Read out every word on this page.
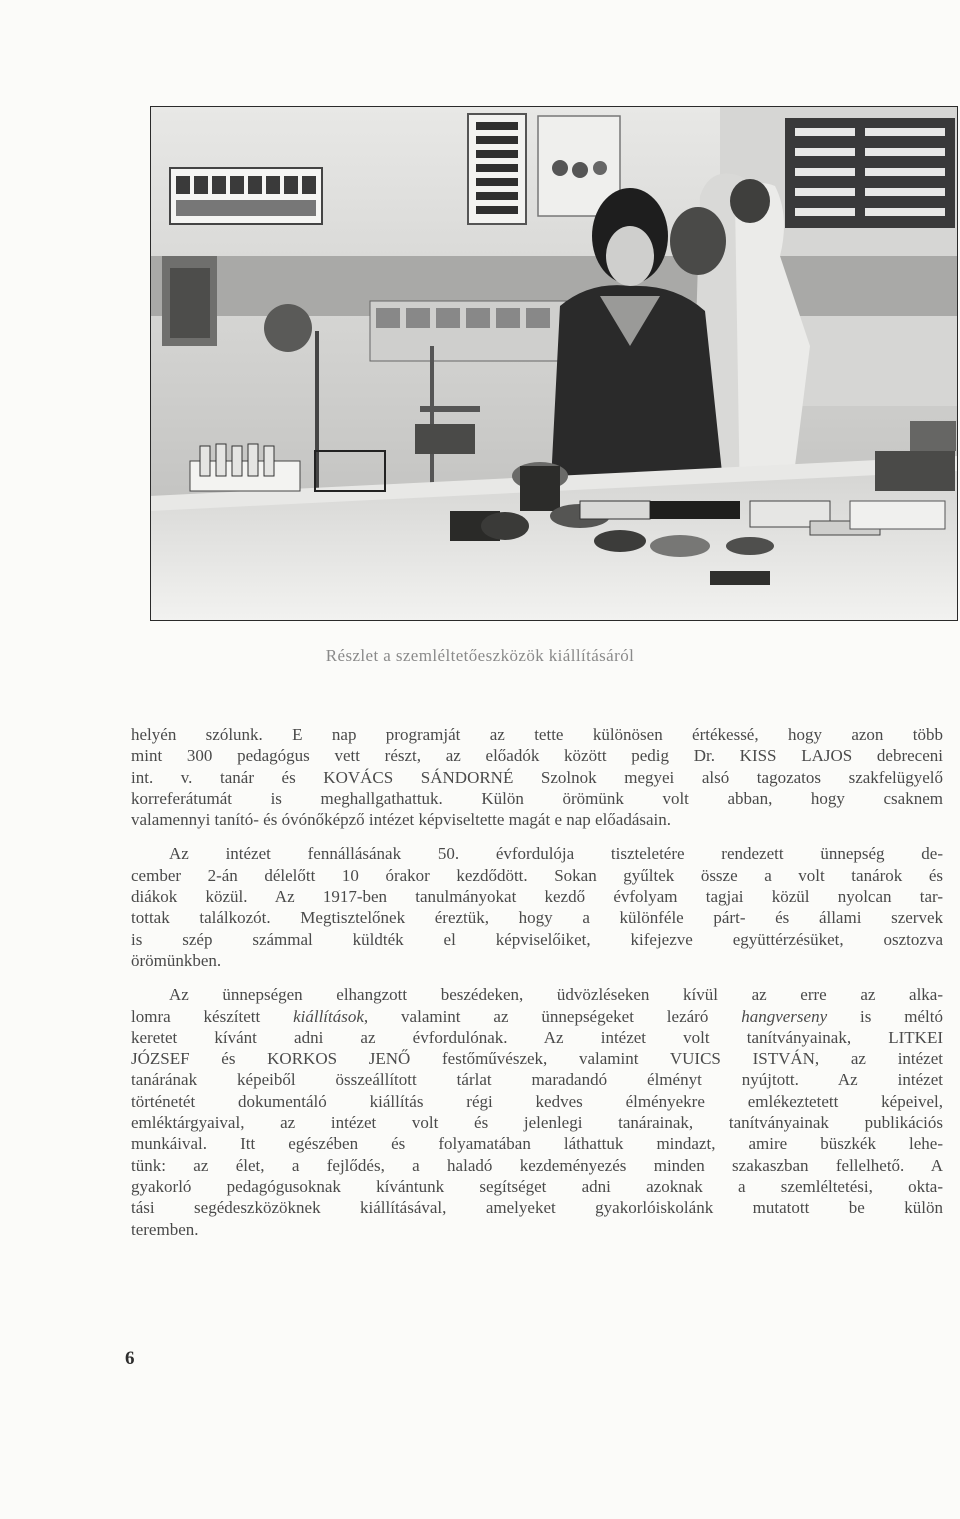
Részlet a szemléltetőeszközök kiállításáról
helyén szólunk. E nap programját az tette különösen értékessé, hogy azon több
mint 300 pedagógus vett részt, az előadók között pedig Dr. KISS LAJOS debreceni
int. v. tanár és KOVÁCS SÁNDORNÉ Szolnok megyei alsó tagozatos szakfelügyelő
korreferátumát is meghallgathattuk. Külön örömünk volt abban, hogy csaknem
valamennyi tanító- és óvónőképző intézet képviseltette magát e nap előadásain.
Az intézet fennállásának 50. évfordulója tiszteletére rendezett ünnepség de-
cember 2-án délelőtt 10 órakor kezdődött. Sokan gyűltek össze a volt tanárok és
diákok közül. Az 1917-ben tanulmányokat kezdő évfolyam tagjai közül nyolcan tar-
tottak találkozót. Megtisztelőnek éreztük, hogy a különféle párt- és állami szervek
is szép számmal küldték el képviselőiket, kifejezve együttérzésüket, osztozva
örömünkben.
Az ünnepségen elhangzott beszédeken, üdvözléseken kívül az erre az alka-
lomra készített kiállítások, valamint az ünnepségeket lezáró hangverseny is méltó
keretet kívánt adni az évfordulónak. Az intézet volt tanítványainak, LITKEI
JÓZSEF és KORKOS JENŐ festőművészek, valamint VUICS ISTVÁN, az intézet
tanárának képeiből összeállított tárlat maradandó élményt nyújtott. Az intézet
történetét dokumentáló kiállítás régi kedves élményekre emlékeztetett képeivel,
emléktárgyaival, az intézet volt és jelenlegi tanárainak, tanítványainak publikációs
munkáival. Itt egészében és folyamatában láthattuk mindazt, amire büszkék lehe-
tünk: az élet, a fejlődés, a haladó kezdeményezés minden szakaszban fellelhető. A
gyakorló pedagógusoknak kívántunk segítséget adni azoknak a szemléltetési, okta-
tási segédeszközöknek kiállításával, amelyeket gyakorlóiskolánk mutatott be külön
teremben.
6
